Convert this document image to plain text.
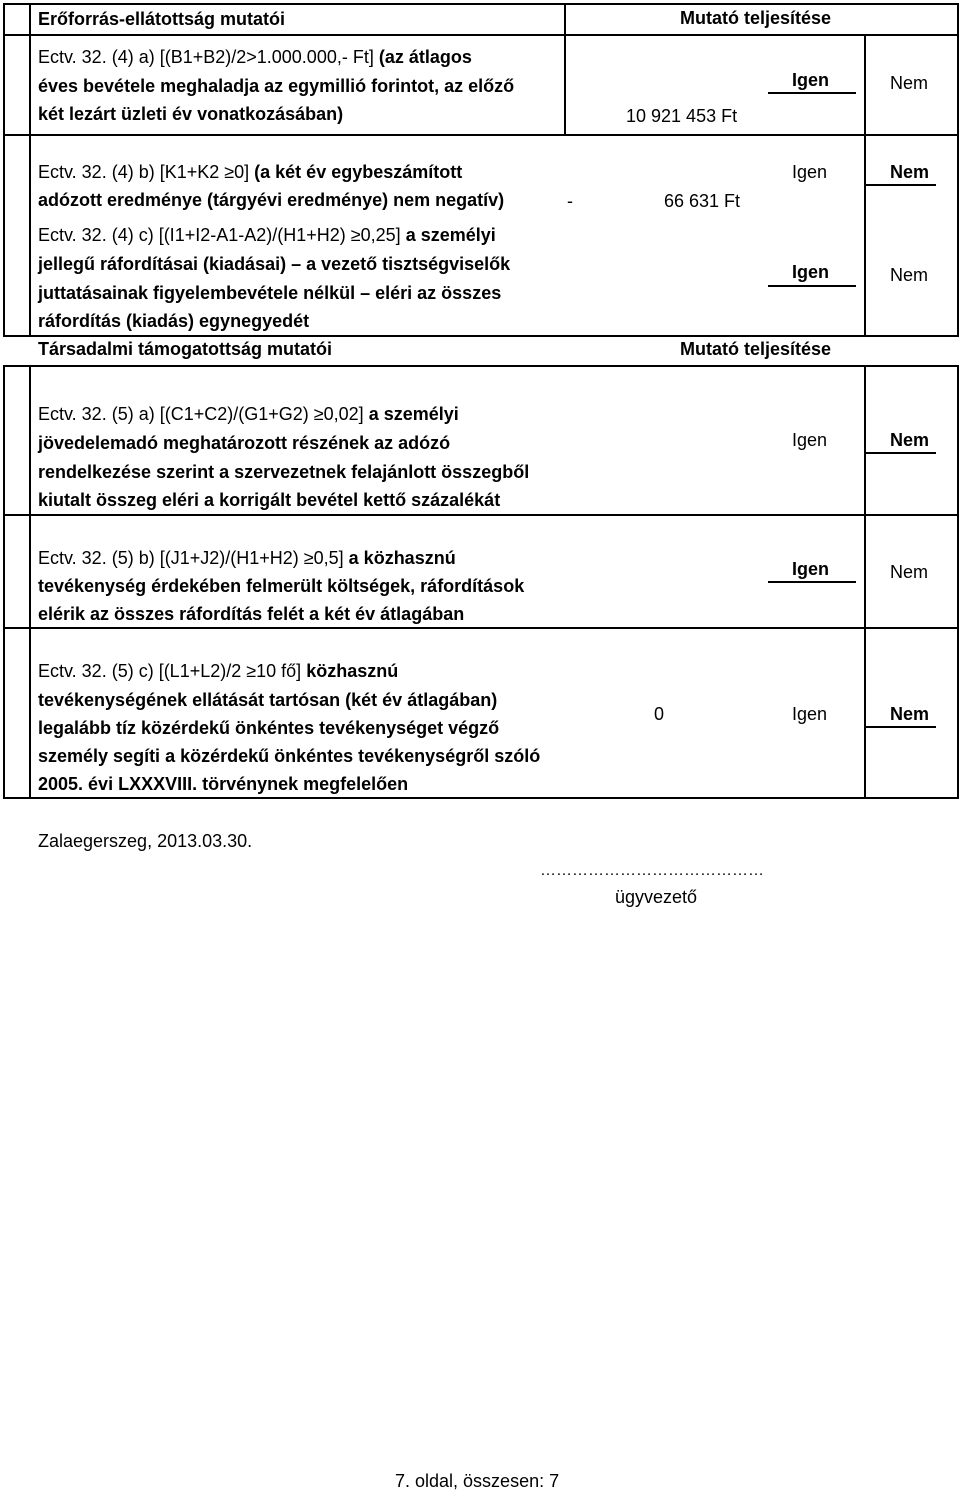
Erőforrás-ellátottság mutatói	Mutató teljesítése
Ectv. 32. (4) a) [(B1+B2)/2>1.000.000,- Ft] (az átlagos
éves bevétele meghaladja az egymillió forintot, az előző
két lezárt üzleti év vonatkozásában)	10 921 453 Ft
Igen	Nem
Ectv. 32. (4) b) [K1+K2 ≥0] (a két év egybeszámított
adózott eredménye (tárgyévi eredménye) nem negatív)	-	66 631 Ft
Igen	Nem
Ectv. 32. (4) c) [(I1+I2-A1-A2)/(H1+H2) ≥0,25] a személyi
jellegű ráfordításai (kiadásai) – a vezető tisztségviselők
juttatásainak figyelembevétele nélkül – eléri az összes
ráfordítás (kiadás) egynegyedét
Igen	Nem
Társadalmi támogatottság mutatói	Mutató teljesítése
Ectv. 32. (5) a) [(C1+C2)/(G1+G2) ≥0,02] a személyi
jövedelemadó meghatározott részének az adózó
rendelkezése szerint a szervezetnek felajánlott összegből
kiutalt összeg eléri a korrigált bevétel kettő százalékát
Igen	Nem
Ectv. 32. (5) b) [(J1+J2)/(H1+H2) ≥0,5] a közhasznú
tevékenység érdekében felmerült költségek, ráfordítások
elérik az összes ráfordítás felét a két év átlagában
Igen	Nem
Ectv. 32. (5) c) [(L1+L2)/2 ≥10 fő] közhasznú
tevékenységének ellátását tartósan (két év átlagában)
legalább tíz közérdekű önkéntes tevékenységet végző
személy segíti a közérdekű önkéntes tevékenységről szóló
2005. évi LXXXVIII. törvénynek megfelelően
0	Igen	Nem
Zalaegerszeg, 2013.03.30.
……………………………………
ügyvezető
7. oldal, összesen: 7
